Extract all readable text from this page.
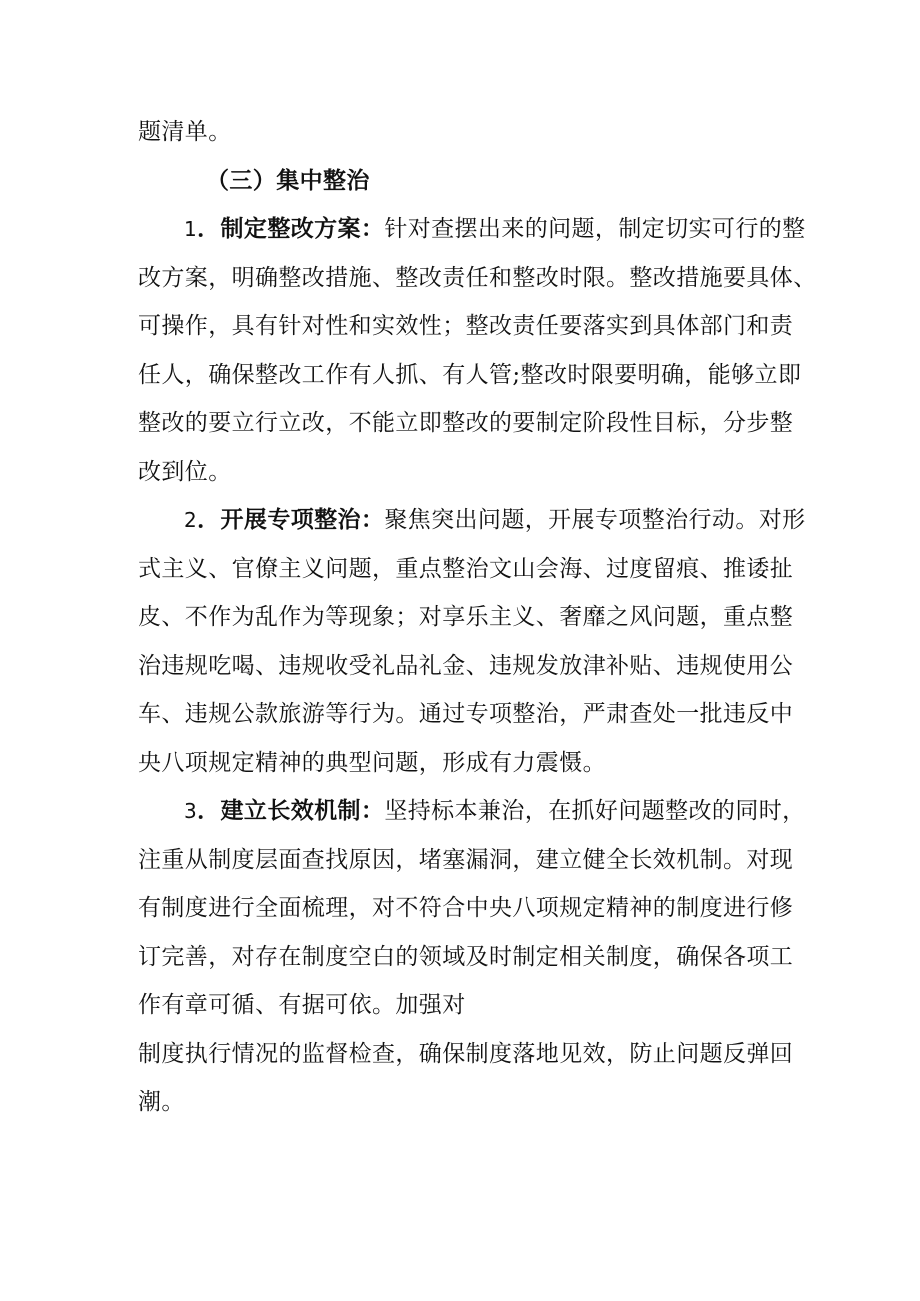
题清单。
（三）集中整治
1．制定整改方案：针对查摆出来的问题，制定切实可行的整
改方案，明确整改措施、整改责任和整改时限。整改措施要具体、
可操作，具有针对性和实效性；整改责任要落实到具体部门和责
任人，确保整改工作有人抓、有人管;整改时限要明确，能够立即
整改的要立行立改，不能立即整改的要制定阶段性目标，分步整
改到位。
2．开展专项整治：聚焦突出问题，开展专项整治行动。对形
式主义、官僚主义问题，重点整治文山会海、过度留痕、推诿扯
皮、不作为乱作为等现象；对享乐主义、奢靡之风问题，重点整
治违规吃喝、违规收受礼品礼金、违规发放津补贴、违规使用公
车、违规公款旅游等行为。通过专项整治，严肃查处一批违反中
央八项规定精神的典型问题，形成有力震慑。
3．建立长效机制：坚持标本兼治，在抓好问题整改的同时，
注重从制度层面查找原因，堵塞漏洞，建立健全长效机制。对现
有制度进行全面梳理，对不符合中央八项规定精神的制度进行修
订完善，对存在制度空白的领域及时制定相关制度，确保各项工
作有章可循、有据可依。加强对
制度执行情况的监督检查，确保制度落地见效，防止问题反弹回
潮。
